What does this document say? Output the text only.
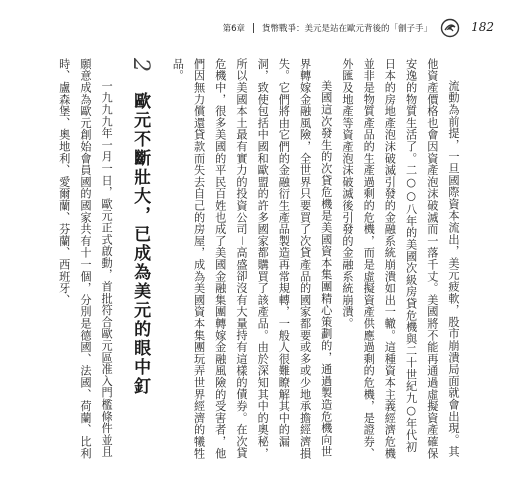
第6章 貨幣戰爭：美元是站在歐元背後的「劊子手」	182

流動為前提，一旦國際資本流出，美元疲軟，股市崩潰局面就會出現。其他資產價格也會因資產泡沫破滅而一落千丈。美國將不能再通過虛擬資產確保安逸的物質生活了。二○○八年的美國次級房貸危機與二十世紀九○年代初日本的房地產泡沫破滅引發的金融系統崩潰如出一轍。這種資本主義經濟危機並非是物質產品的生產過剩的危機，而是虛擬資產供應過剩的危機，是證券、外匯及地產等資產泡沫破滅後引發的金融系統崩潰。

美國這次發生的次貸危機是美國資本集團精心策劃的，通過製造危機向世界轉嫁金融風險，全世界只要買了次貸產品的國家都要或多或少地承擔經濟損失。它們將由它們的金融衍生產品製造再常規轉，一般人很難瞭解其中的漏洞，致使包括中國和歐盟的許多國家都購買了該產品。由於深知其中的奧秘，所以美國本土最有實力的投資公司－高盛卻沒有大量持有這樣的債券。在次貸危機中，很多美國的平民百姓也成了美國金融集團轉嫁金融風險的受害者，他們因無力償還貸款而失去自己的房屋，成為美國資本集團玩弄世界經濟的犧牲品。

2 歐元不斷壯大，已成為美元的眼中釘

一九九九年一月一日，歐元正式啟動，首批符合歐元區准入門檻條件並且願意成為歐元創始會員國的國家共有十一個，分別是德國、法國、荷蘭、比利時、盧森堡、奧地利、愛爾蘭、芬蘭、西班牙、
